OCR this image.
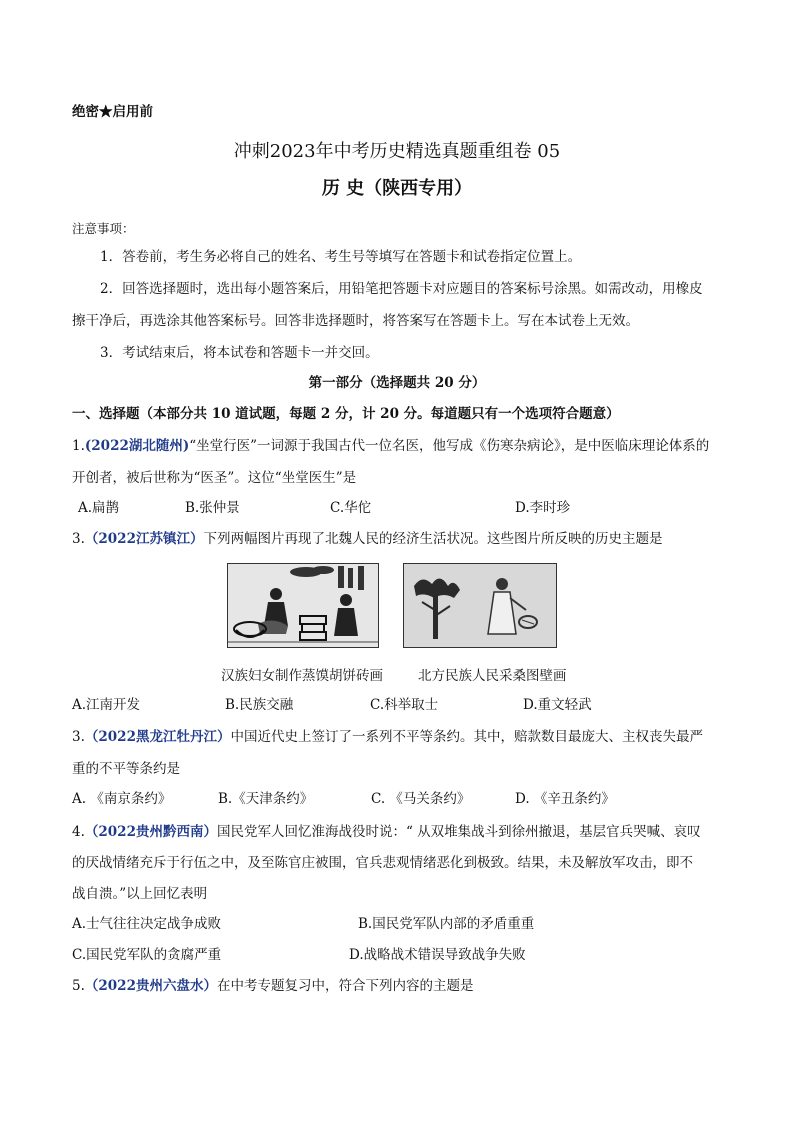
绝密★启用前
冲刺2023年中考历史精选真题重组卷 05
历 史（陕西专用）
注意事项：
1．答卷前，考生务必将自己的姓名、考生号等填写在答题卡和试卷指定位置上。
2．回答选择题时，选出每小题答案后，用铅笔把答题卡对应题目的答案标号涂黑。如需改动，用橡皮
擦干净后，再选涂其他答案标号。回答非选择题时，将答案写在答题卡上。写在本试卷上无效。
3．考试结束后，将本试卷和答题卡一并交回。
第一部分（选择题共 20 分）
一、选择题（本部分共 10 道试题，每题 2 分，计 20 分。每道题只有一个选项符合题意）
1.(2022湖北随州)“坐堂行医”一词源于我国古代一位名医，他写成《伤寒杂病论》，是中医临床理论体系的
开创者，被后世称为“医圣”。这位“坐堂医生”是
A.扁鹊	B.张仲景	C.华佗	D.李时珍
3.（2022江苏镇江）下列两幅图片再现了北魏人民的经济生活状况。这些图片所反映的历史主题是
汉族妇女制作蒸馍胡饼砖画	北方民族人民采桑图壁画
A.江南开发	B.民族交融	C.科举取士	D.重文轻武
3.（2022黑龙江牡丹江）中国近代史上签订了一系列不平等条约。其中，赔款数目最庞大、主权丧失最严
重的不平等条约是
A. 《南京条约》	B.《天津条约》	C. 《马关条约》	D. 《辛丑条约》
4.（2022贵州黔西南）国民党军人回忆淮海战役时说：“ 从双堆集战斗到徐州撤退，基层官兵哭喊、哀叹
的厌战情绪充斥于行伍之中，及至陈官庄被围，官兵悲观情绪恶化到极致。结果，未及解放军攻击，即不
战自溃。”以上回忆表明
A.士气往往决定战争成败	B.国民党军队内部的矛盾重重
C.国民党军队的贪腐严重	D.战略战术错误导致战争失败
5.（2022贵州六盘水）在中考专题复习中，符合下列内容的主题是
